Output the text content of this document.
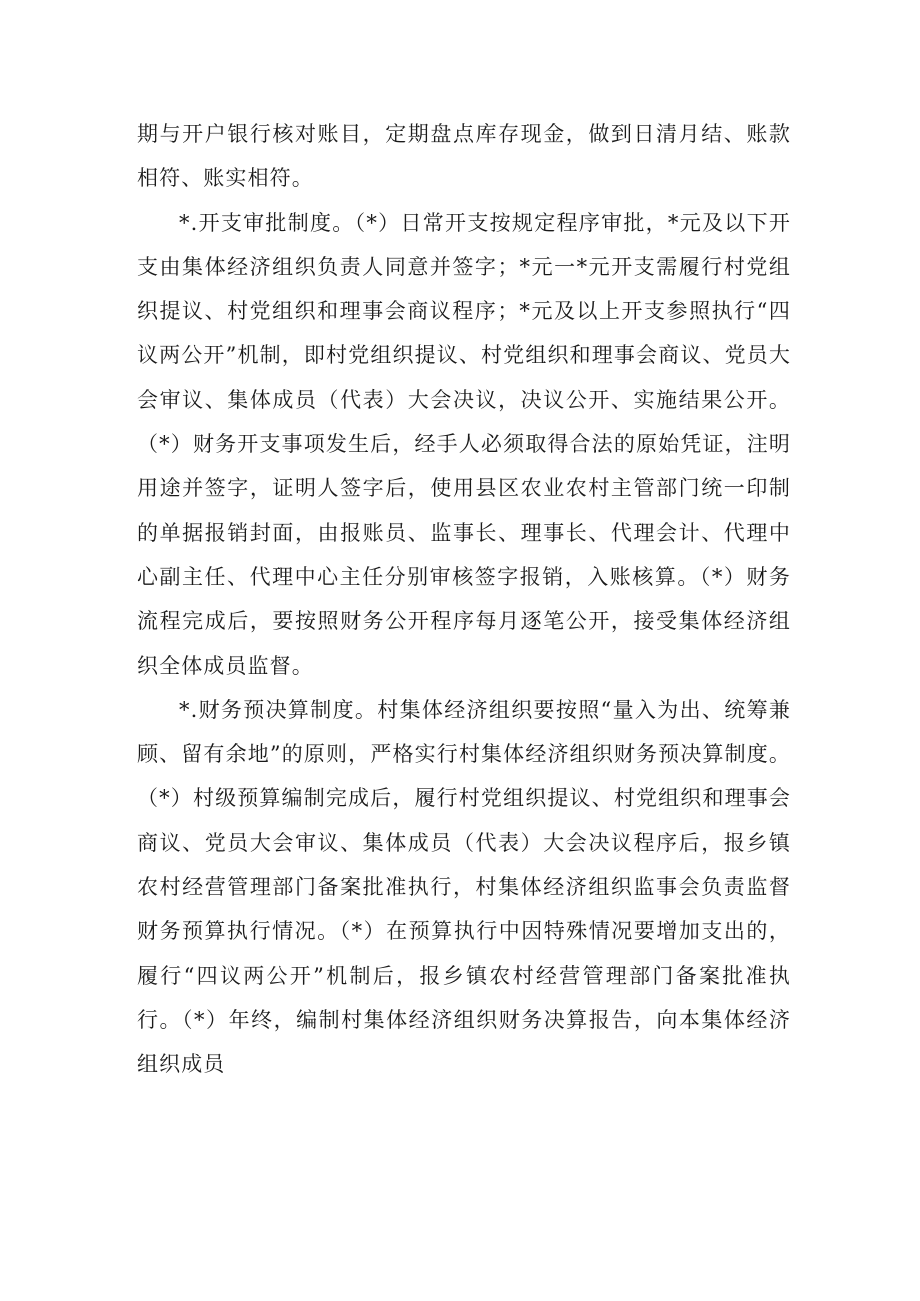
期与开户银行核对账目，定期盘点库存现金，做到日清月结、账款相符、账实相符。

*.开支审批制度。（*）日常开支按规定程序审批，*元及以下开支由集体经济组织负责人同意并签字；*元一*元开支需履行村党组织提议、村党组织和理事会商议程序；*元及以上开支参照执行“四议两公开”机制，即村党组织提议、村党组织和理事会商议、党员大会审议、集体成员（代表）大会决议，决议公开、实施结果公开。（*）财务开支事项发生后，经手人必须取得合法的原始凭证，注明用途并签字，证明人签字后，使用县区农业农村主管部门统一印制的单据报销封面，由报账员、监事长、理事长、代理会计、代理中心副主任、代理中心主任分别审核签字报销，入账核算。（*）财务流程完成后，要按照财务公开程序每月逐笔公开，接受集体经济组织全体成员监督。

*.财务预决算制度。村集体经济组织要按照“量入为出、统筹兼顾、留有余地”的原则，严格实行村集体经济组织财务预决算制度。（*）村级预算编制完成后，履行村党组织提议、村党组织和理事会商议、党员大会审议、集体成员（代表）大会决议程序后，报乡镇农村经营管理部门备案批准执行，村集体经济组织监事会负责监督财务预算执行情况。（*）在预算执行中因特殊情况要增加支出的，履行“四议两公开”机制后，报乡镇农村经营管理部门备案批准执行。（*）年终，编制村集体经济组织财务决算报告，向本集体经济组织成员
